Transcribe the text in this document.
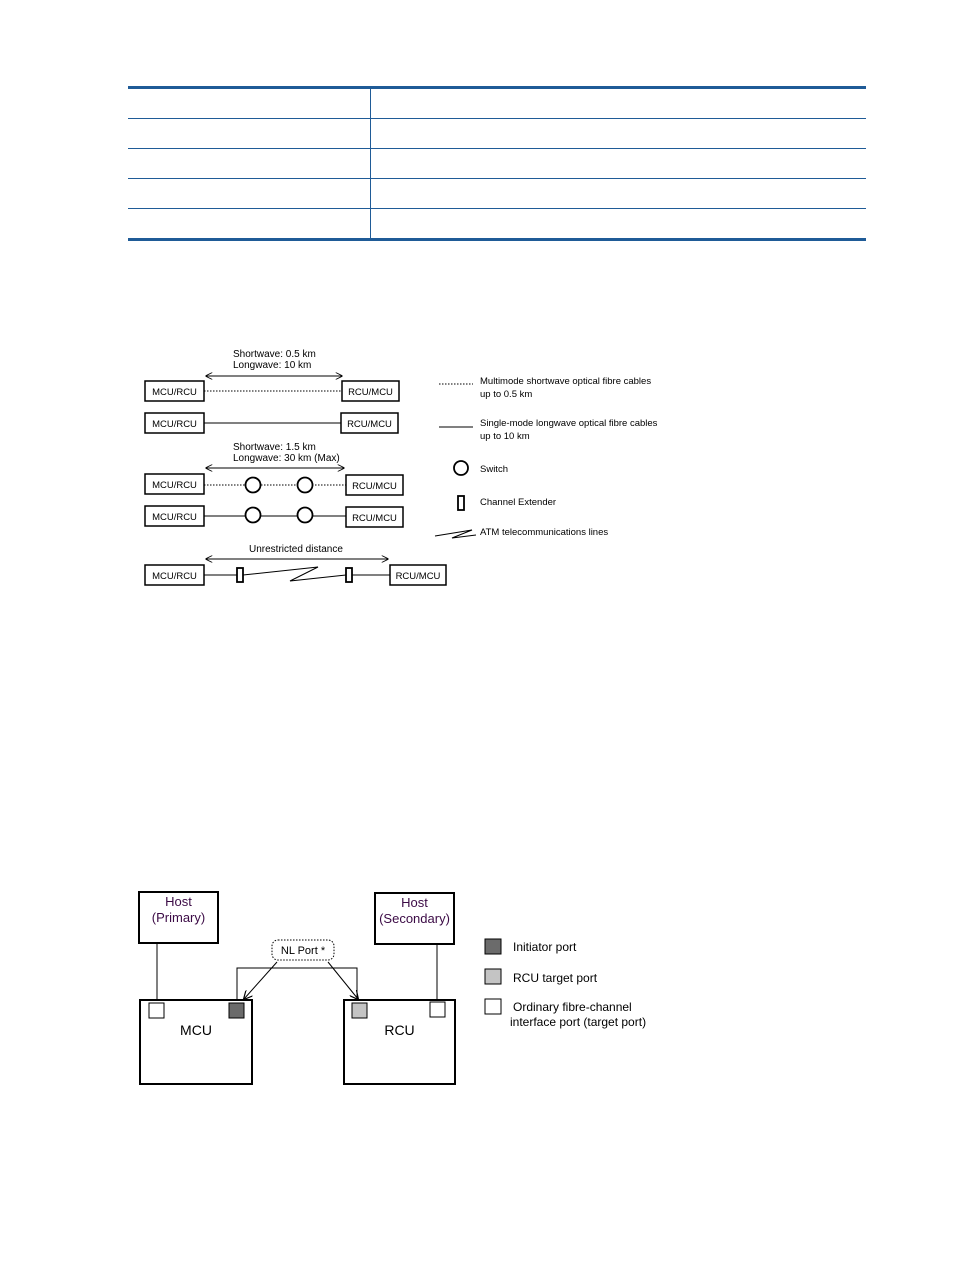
Shortwave: 0.5 km
Longwave: 10 km
MCU/RCU	RCU/MCU
MCU/RCU	RCU/MCU
Shortwave: 1.5 km
Longwave: 30 km (Max)
MCU/RCU	RCU/MCU
MCU/RCU	RCU/MCU
Unrestricted distance
MCU/RCU	RCU/MCU
Multimode shortwave optical fibre cables
up to 0.5 km
Single-mode longwave optical fibre cables
up to 10 km
Switch
Channel Extender
ATM telecommunications lines
Host
(Primary)
Host
(Secondary)
MCU	RCU
NL Port *	Initiator port
RCU target port
Ordinary fibre-channel
interface port (target port)
